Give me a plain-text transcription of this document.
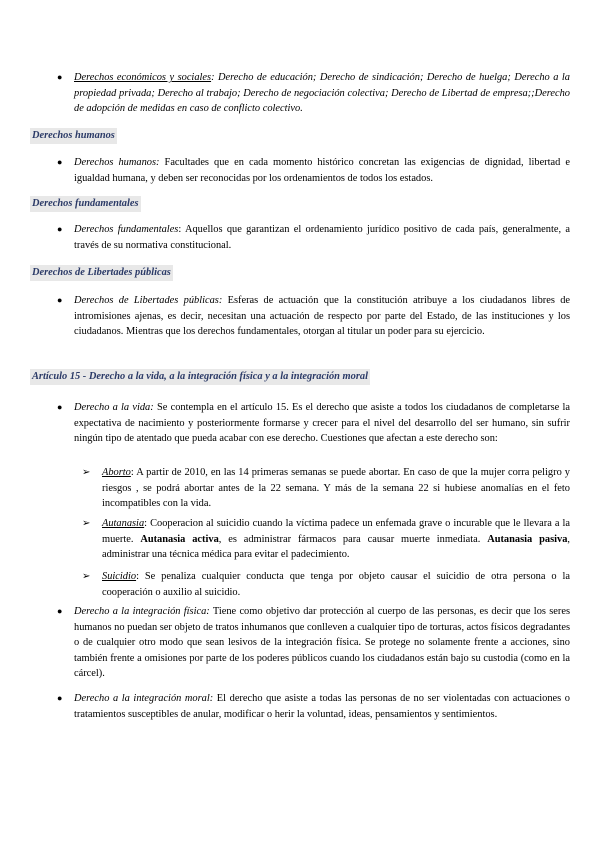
● Derechos económicos y sociales: Derecho de educación; Derecho de sindicación; Derecho de huelga; Derecho a la propiedad privada; Derecho al trabajo; Derecho de negociación colectiva; Derecho de Libertad de empresa;;Derecho de adopción de medidas en caso de conflicto colectivo.
Derechos humanos
● Derechos humanos: Facultades que en cada momento histórico concretan las exigencias de dignidad, libertad e igualdad humana, y deben ser reconocidas por los ordenamientos de todos los estados.
Derechos fundamentales
● Derechos fundamentales: Aquellos que garantizan el ordenamiento jurídico positivo de cada país, generalmente, a través de su normativa constitucional.
Derechos de Libertades públicas
● Derechos de Libertades públicas: Esferas de actuación que la constitución atribuye a los ciudadanos libres de intromisiones ajenas, es decir, necesitan una actuación de respecto por parte del Estado, de las instituciones y los ciudadanos. Mientras que los derechos fundamentales, otorgan al titular un poder para su ejercicio.
Artículo 15 - Derecho a la vida, a la integración física y a la integración moral
● Derecho a la vida: Se contempla en el artículo 15. Es el derecho que asiste a todos los ciudadanos de completarse la expectativa de nacimiento y posteriormente formarse y crecer para el nivel del desarrollo del ser humano, sin sufrir ningún tipo de atentado que pueda acabar con ese derecho. Cuestiones que afectan a este derecho son:
➢ Aborto: A partir de 2010, en las 14 primeras semanas se puede abortar. En caso de que la mujer corra peligro y riesgos , se podrá abortar antes de la 22 semana. Y más de la semana 22 si hubiese anomalías en el feto incompatibles con la vida.
➢ Autanasia: Cooperacion al suicidio cuando la víctima padece un enfemada grave o incurable que le llevara a la muerte. Autanasia activa, es administrar fármacos para causar muerte inmediata. Autanasia pasiva, administrar una técnica médica para evitar el padecimiento.
➢ Suicidio: Se penaliza cualquier conducta que tenga por objeto causar el suicidio de otra persona o la cooperación o auxilio al suicidio.
● Derecho a la integración física: Tiene como objetivo dar protección al cuerpo de las personas, es decir que los seres humanos no puedan ser objeto de tratos inhumanos que conlleven a cualquier tipo de torturas, actos físicos degradantes o de cualquier otro modo que sean lesivos de la integración física. Se protege no solamente frente a acciones, sino también frente a omisiones por parte de los poderes públicos cuando los ciudadanos están bajo su custodia (como en la cárcel).
● Derecho a la integración moral: El derecho que asiste a todas las personas de no ser violentadas con actuaciones o tratamientos susceptibles de anular, modificar o herir la voluntad, ideas, pensamientos y sentimientos.
